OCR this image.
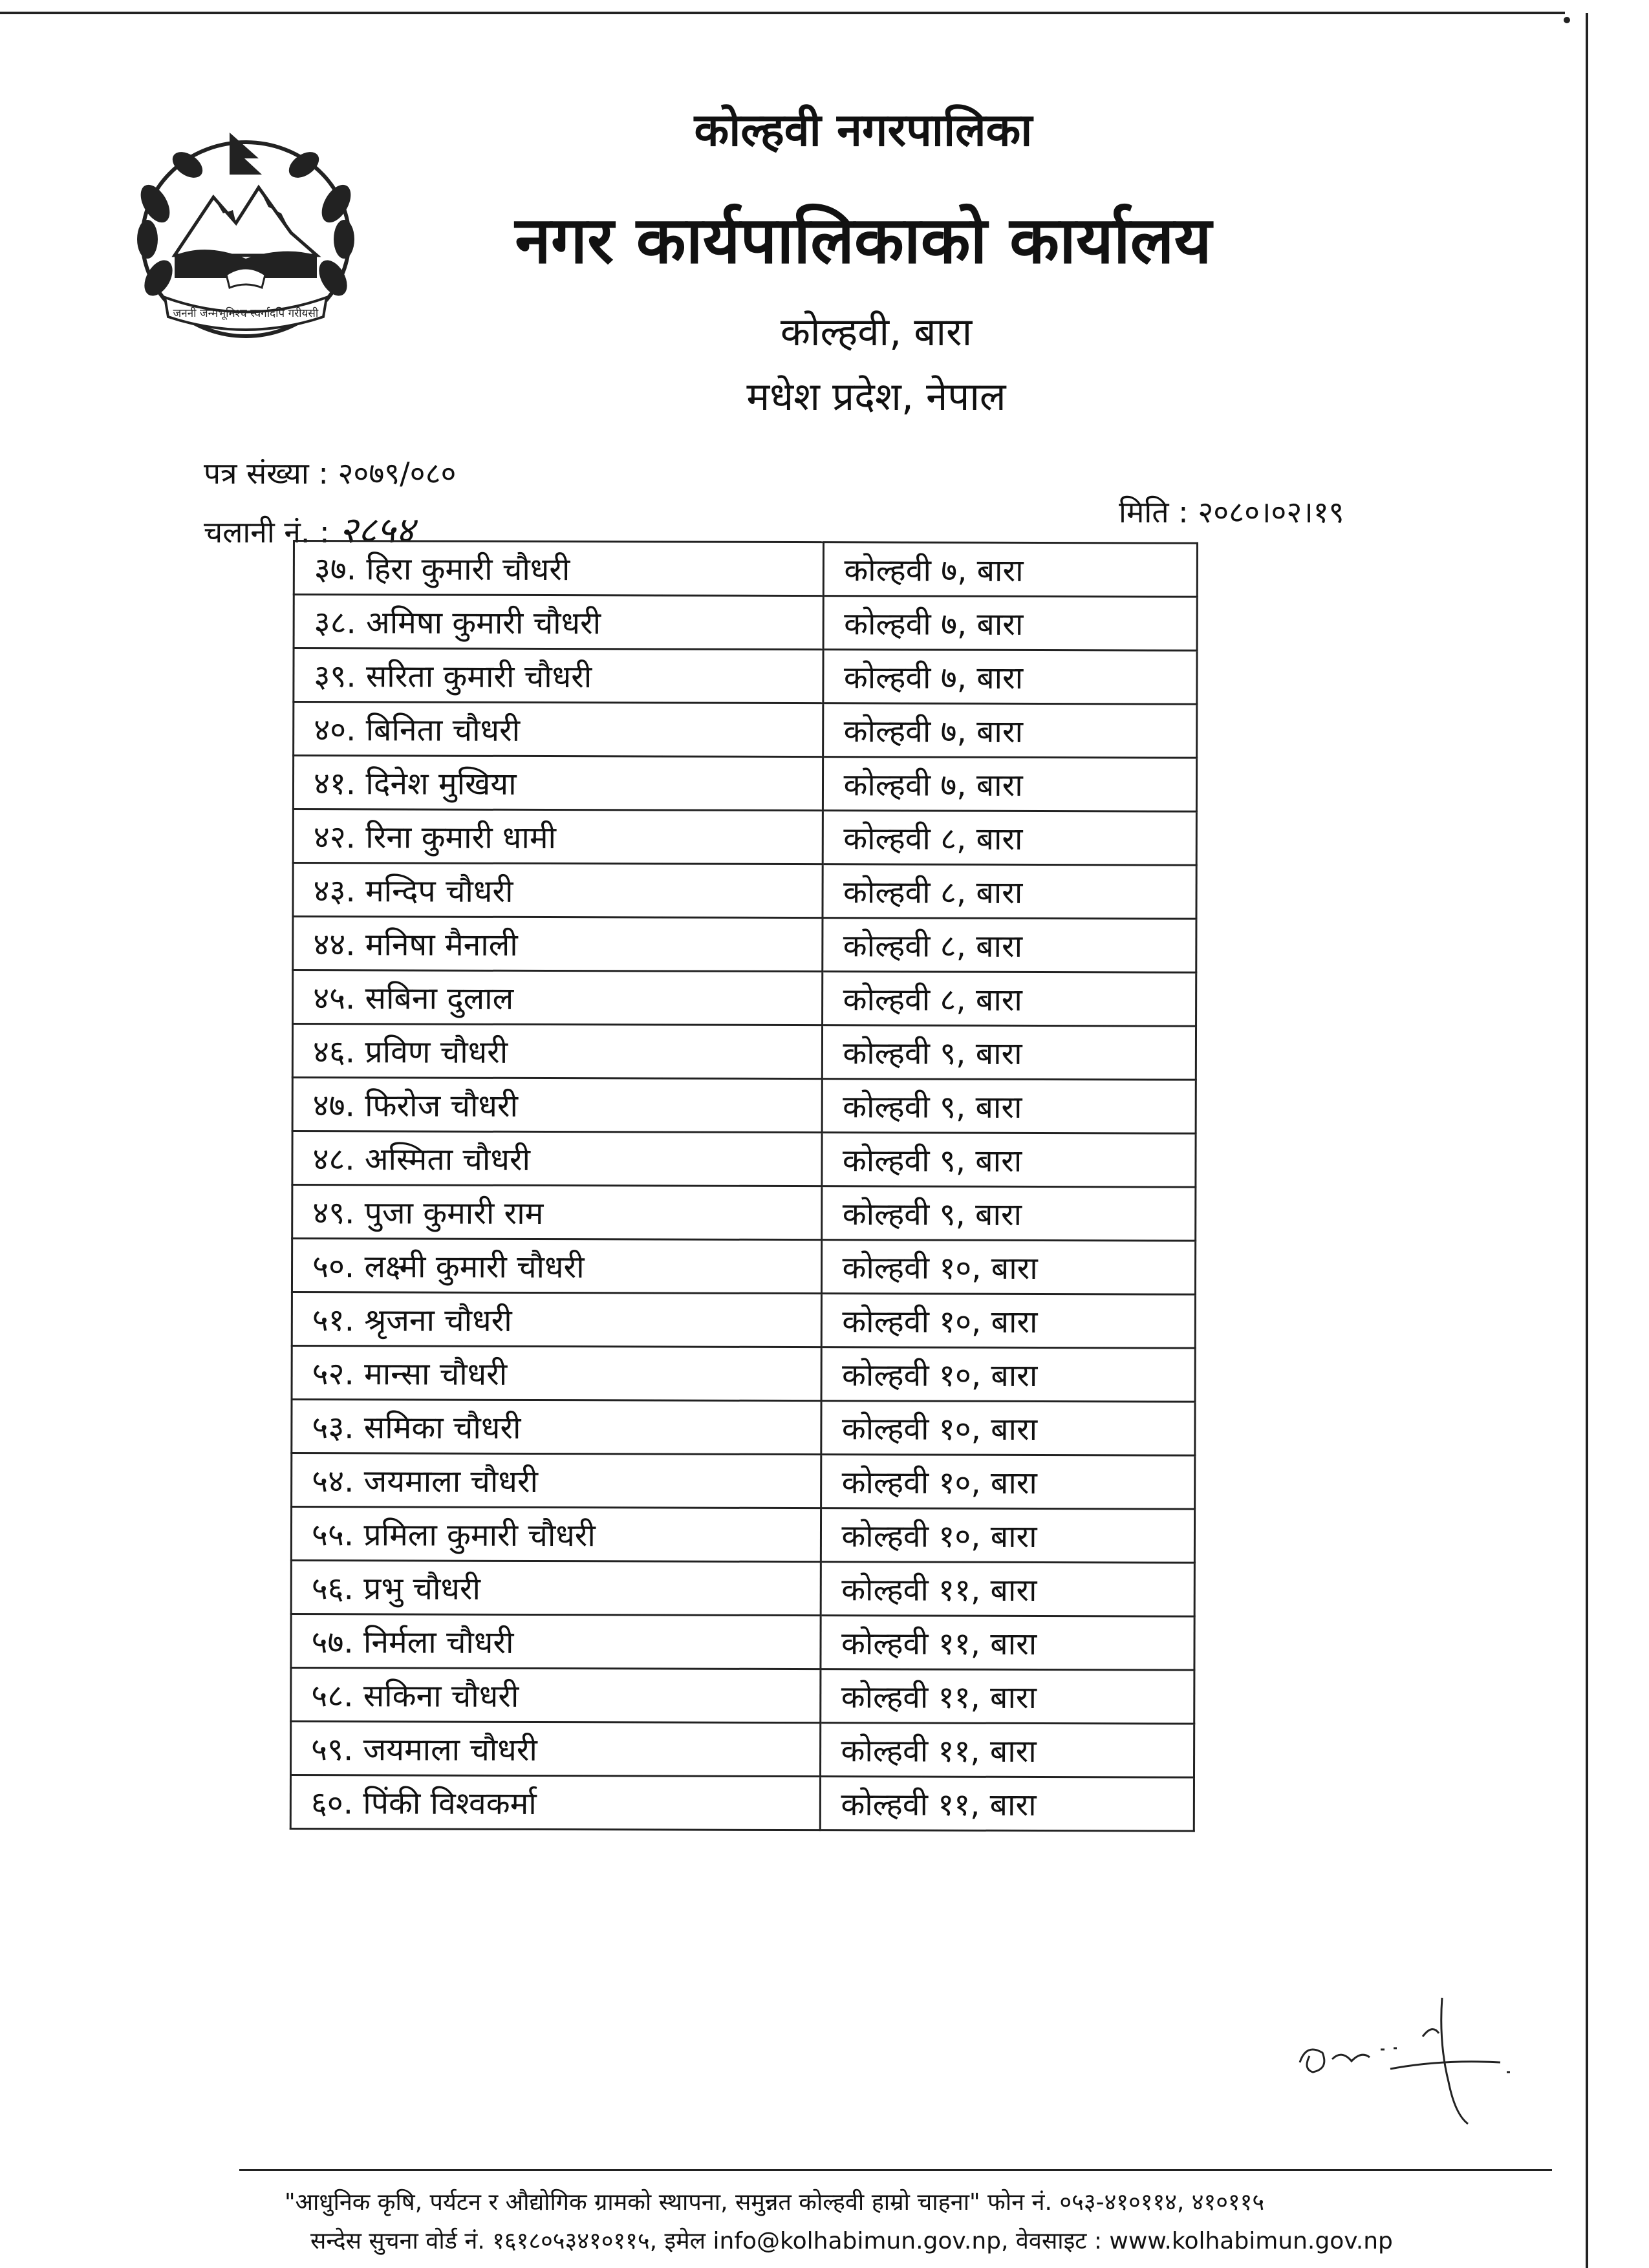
जननी जन्मभूमिश्च स्वर्गादपि गरीयसी
कोल्हवी नगरपालिका
नगर कार्यपालिकाको कार्यालय
कोल्हवी, बारा
मधेश प्रदेश, नेपाल
पत्र संख्या : २०७९/०८०
चलानी नं. : २८५४	मिति : २०८०।०२।१९
३७. हिरा कुमारी चौधरी	कोल्हवी ७, बारा
३८. अमिषा कुमारी चौधरी	कोल्हवी ७, बारा
३९. सरिता कुमारी चौधरी	कोल्हवी ७, बारा
४०. बिनिता चौधरी	कोल्हवी ७, बारा
४१. दिनेश मुखिया	कोल्हवी ७, बारा
४२. रिना कुमारी धामी	कोल्हवी ८, बारा
४३. मन्दिप चौधरी	कोल्हवी ८, बारा
४४. मनिषा मैनाली	कोल्हवी ८, बारा
४५. सबिना दुलाल	कोल्हवी ८, बारा
४६. प्रविण चौधरी	कोल्हवी ९, बारा
४७. फिरोज चौधरी	कोल्हवी ९, बारा
४८. अस्मिता चौधरी	कोल्हवी ९, बारा
४९. पुजा कुमारी राम	कोल्हवी ९, बारा
५०. लक्ष्मी कुमारी चौधरी	कोल्हवी १०, बारा
५१. श्रृजना चौधरी	कोल्हवी १०, बारा
५२. मान्सा चौधरी	कोल्हवी १०, बारा
५३. समिका चौधरी	कोल्हवी १०, बारा
५४. जयमाला चौधरी	कोल्हवी १०, बारा
५५. प्रमिला कुमारी चौधरी	कोल्हवी १०, बारा
५६. प्रभु चौधरी	कोल्हवी ११, बारा
५७. निर्मला चौधरी	कोल्हवी ११, बारा
५८. सकिना चौधरी	कोल्हवी ११, बारा
५९. जयमाला चौधरी	कोल्हवी ११, बारा
६०. पिंकी विश्वकर्मा	कोल्हवी ११, बारा
"आधुनिक कृषि, पर्यटन र औद्योगिक ग्रामको स्थापना, समुन्नत कोल्हवी हाम्रो चाहना" फोन नं. ०५३-४१०११४, ४१०११५
सन्देस सुचना वोर्ड नं. १६१८०५३४१०११५, इमेल info@kolhabimun.gov.np, वेवसाइट : www.kolhabimun.gov.np
